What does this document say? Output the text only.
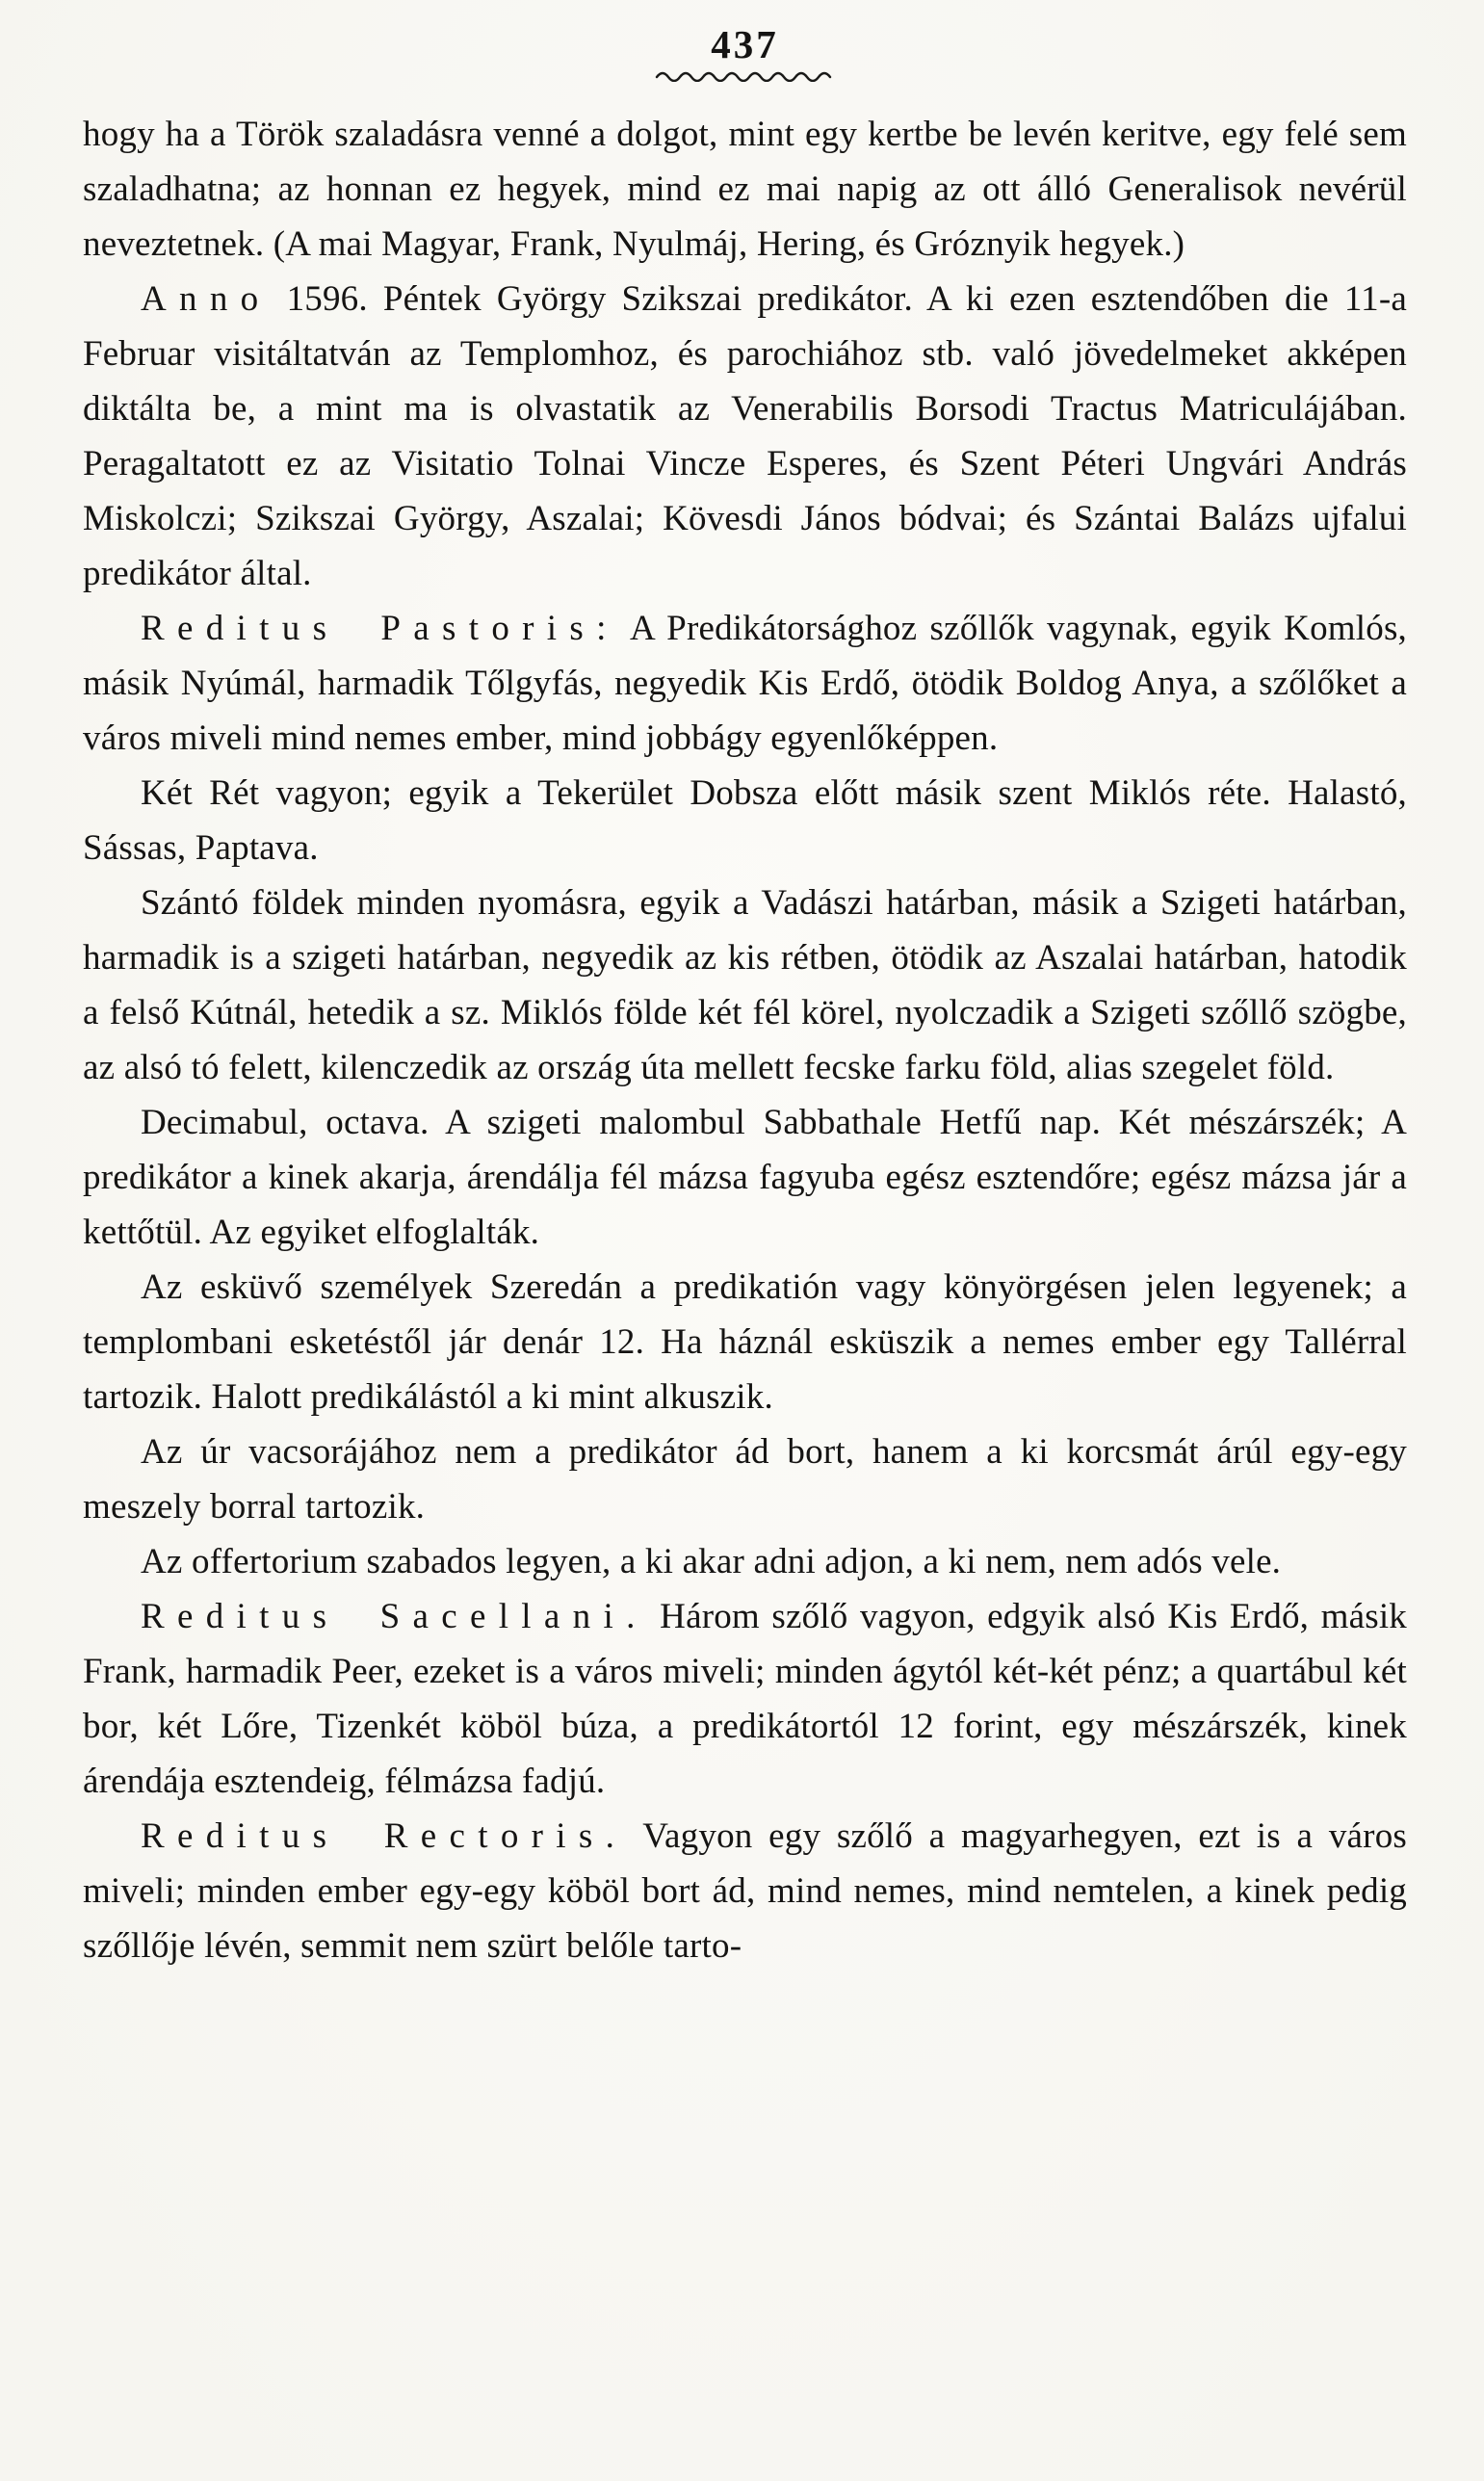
437

hogy ha a Török szaladásra venné a dolgot, mint egy kertbe be levén keritve, egy felé sem szaladhatna; az honnan ez hegyek, mind ez mai napig az ott álló Generalisok nevérül neveztetnek. (A mai Magyar, Frank, Nyulmáj, Hering, és Gróznyik hegyek.)

Anno 1596. Péntek György Szikszai predikátor. A ki ezen esztendőben die 11-a Februar visitáltatván az Templomhoz, és parochiához stb. való jövedelmeket akképen diktálta be, a mint ma is olvastatik az Venerabilis Borsodi Tractus Matriculájában. Peragaltatott ez az Visitatio Tolnai Vincze Esperes, és Szent Péteri Ungvári András Miskolczi; Szikszai György, Aszalai; Kövesdi János bódvai; és Szántai Balázs ujfalui predikátor által.

Reditus Pastoris: A Predikátorsághoz szőllők vagynak, egyik Komlós, másik Nyúmál, harmadik Tőlgyfás, negyedik Kis Erdő, ötödik Boldog Anya, a szőlőket a város miveli mind nemes ember, mind jobbágy egyenlőképpen.

Két Rét vagyon; egyik a Tekerület Dobsza előtt másik szent Miklós réte. Halastó, Sássas, Paptava.

Szántó földek minden nyomásra, egyik a Vadászi határban, másik a Szigeti határban, harmadik is a szigeti határban, negyedik az kis rétben, ötödik az Aszalai határban, hatodik a felső Kútnál, hetedik a sz. Miklós földe két fél körel, nyolczadik a Szigeti szőllő szögbe, az alsó tó felett, kilenczedik az ország úta mellett fecske farku föld, alias szegelet föld.

Decimabul, octava. A szigeti malombul Sabbathale Hetfű nap. Két mészárszék; A predikátor a kinek akarja, árendálja fél mázsa fagyuba egész esztendőre; egész mázsa jár a kettőtül. Az egyiket elfoglalták.

Az esküvő személyek Szeredán a predikatión vagy könyörgésen jelen legyenek; a templombani esketéstől jár denár 12. Ha háznál esküszik a nemes ember egy Tallérral tartozik. Halott predikálástól a ki mint alkuszik.

Az úr vacsorájához nem a predikátor ád bort, hanem a ki korcsmát árúl egy-egy meszely borral tartozik.

Az offertorium szabados legyen, a ki akar adni adjon, a ki nem, nem adós vele.

Reditus Sacellani. Három szőlő vagyon, edgyik alsó Kis Erdő, másik Frank, harmadik Peer, ezeket is a város miveli; minden ágytól két-két pénz; a quartábul két bor, két Lőre, Tizenkét köböl búza, a predikátortól 12 forint, egy mészárszék, kinek árendája esztendeig, félmázsa fadjú.

Reditus Rectoris. Vagyon egy szőlő a magyarhegyen, ezt is a város miveli; minden ember egy-egy köböl bort ád, mind nemes, mind nemtelen, a kinek pedig szőllője lévén, semmit nem szürt belőle tarto-
